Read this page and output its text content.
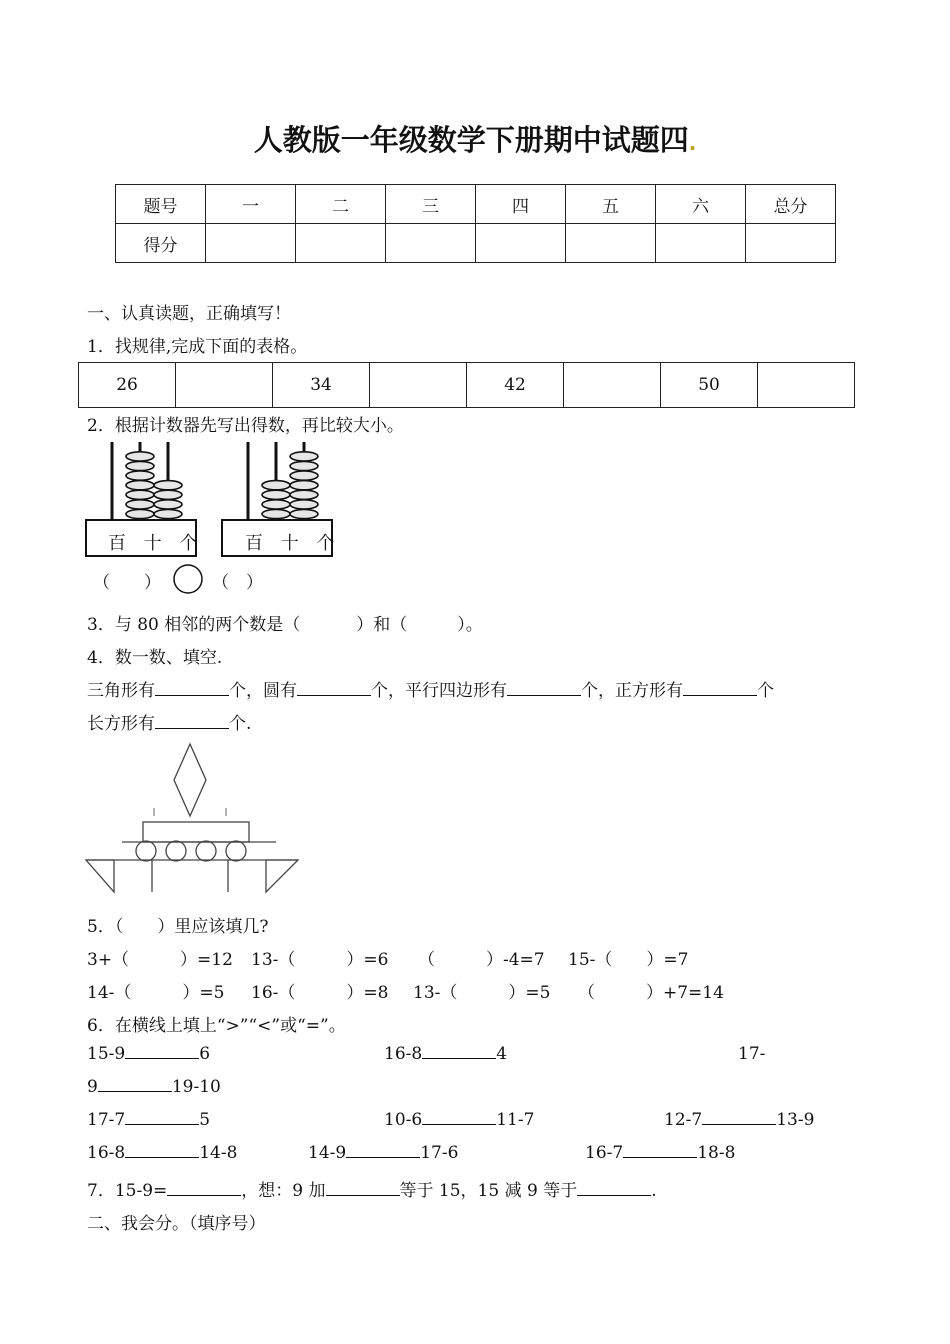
人教版一年级数学下册期中试题四.
题号	一	二	三	四	五	六	总分
得分							
一、认真读题，正确填写！
1．找规律,完成下面的表格。
26		34		42		50	
2．根据计数器先写出得数，再比较大小。
百 十 个 百 十 个
（　　）	（　）
3．与 80 相邻的两个数是（	）和（	）。
4．数一数、填空.
三角形有	个，圆有	个，平行四边形有	个，正方形有	个
长方形有	个.
5．（　　）里应该填几?
3+（　　　）=12 13-（　　　）=6 （　　　）-4=7 15-（　　）=7
14-（　　　）=5 16-（　　　）=8 13-（　　　）=5 （　　　）+7=14
6．在横线上填上“>”“<”或“=”。
15-9	6	16-8	4	17-
9	19-10
17-7	5	10-6	11-7	12-7	13-9
16-8	14-8	14-9	17-6	16-7	18-8
7．15-9=	，想：9 加	等于 15，15 减 9 等于	.
二、我会分。（填序号）
